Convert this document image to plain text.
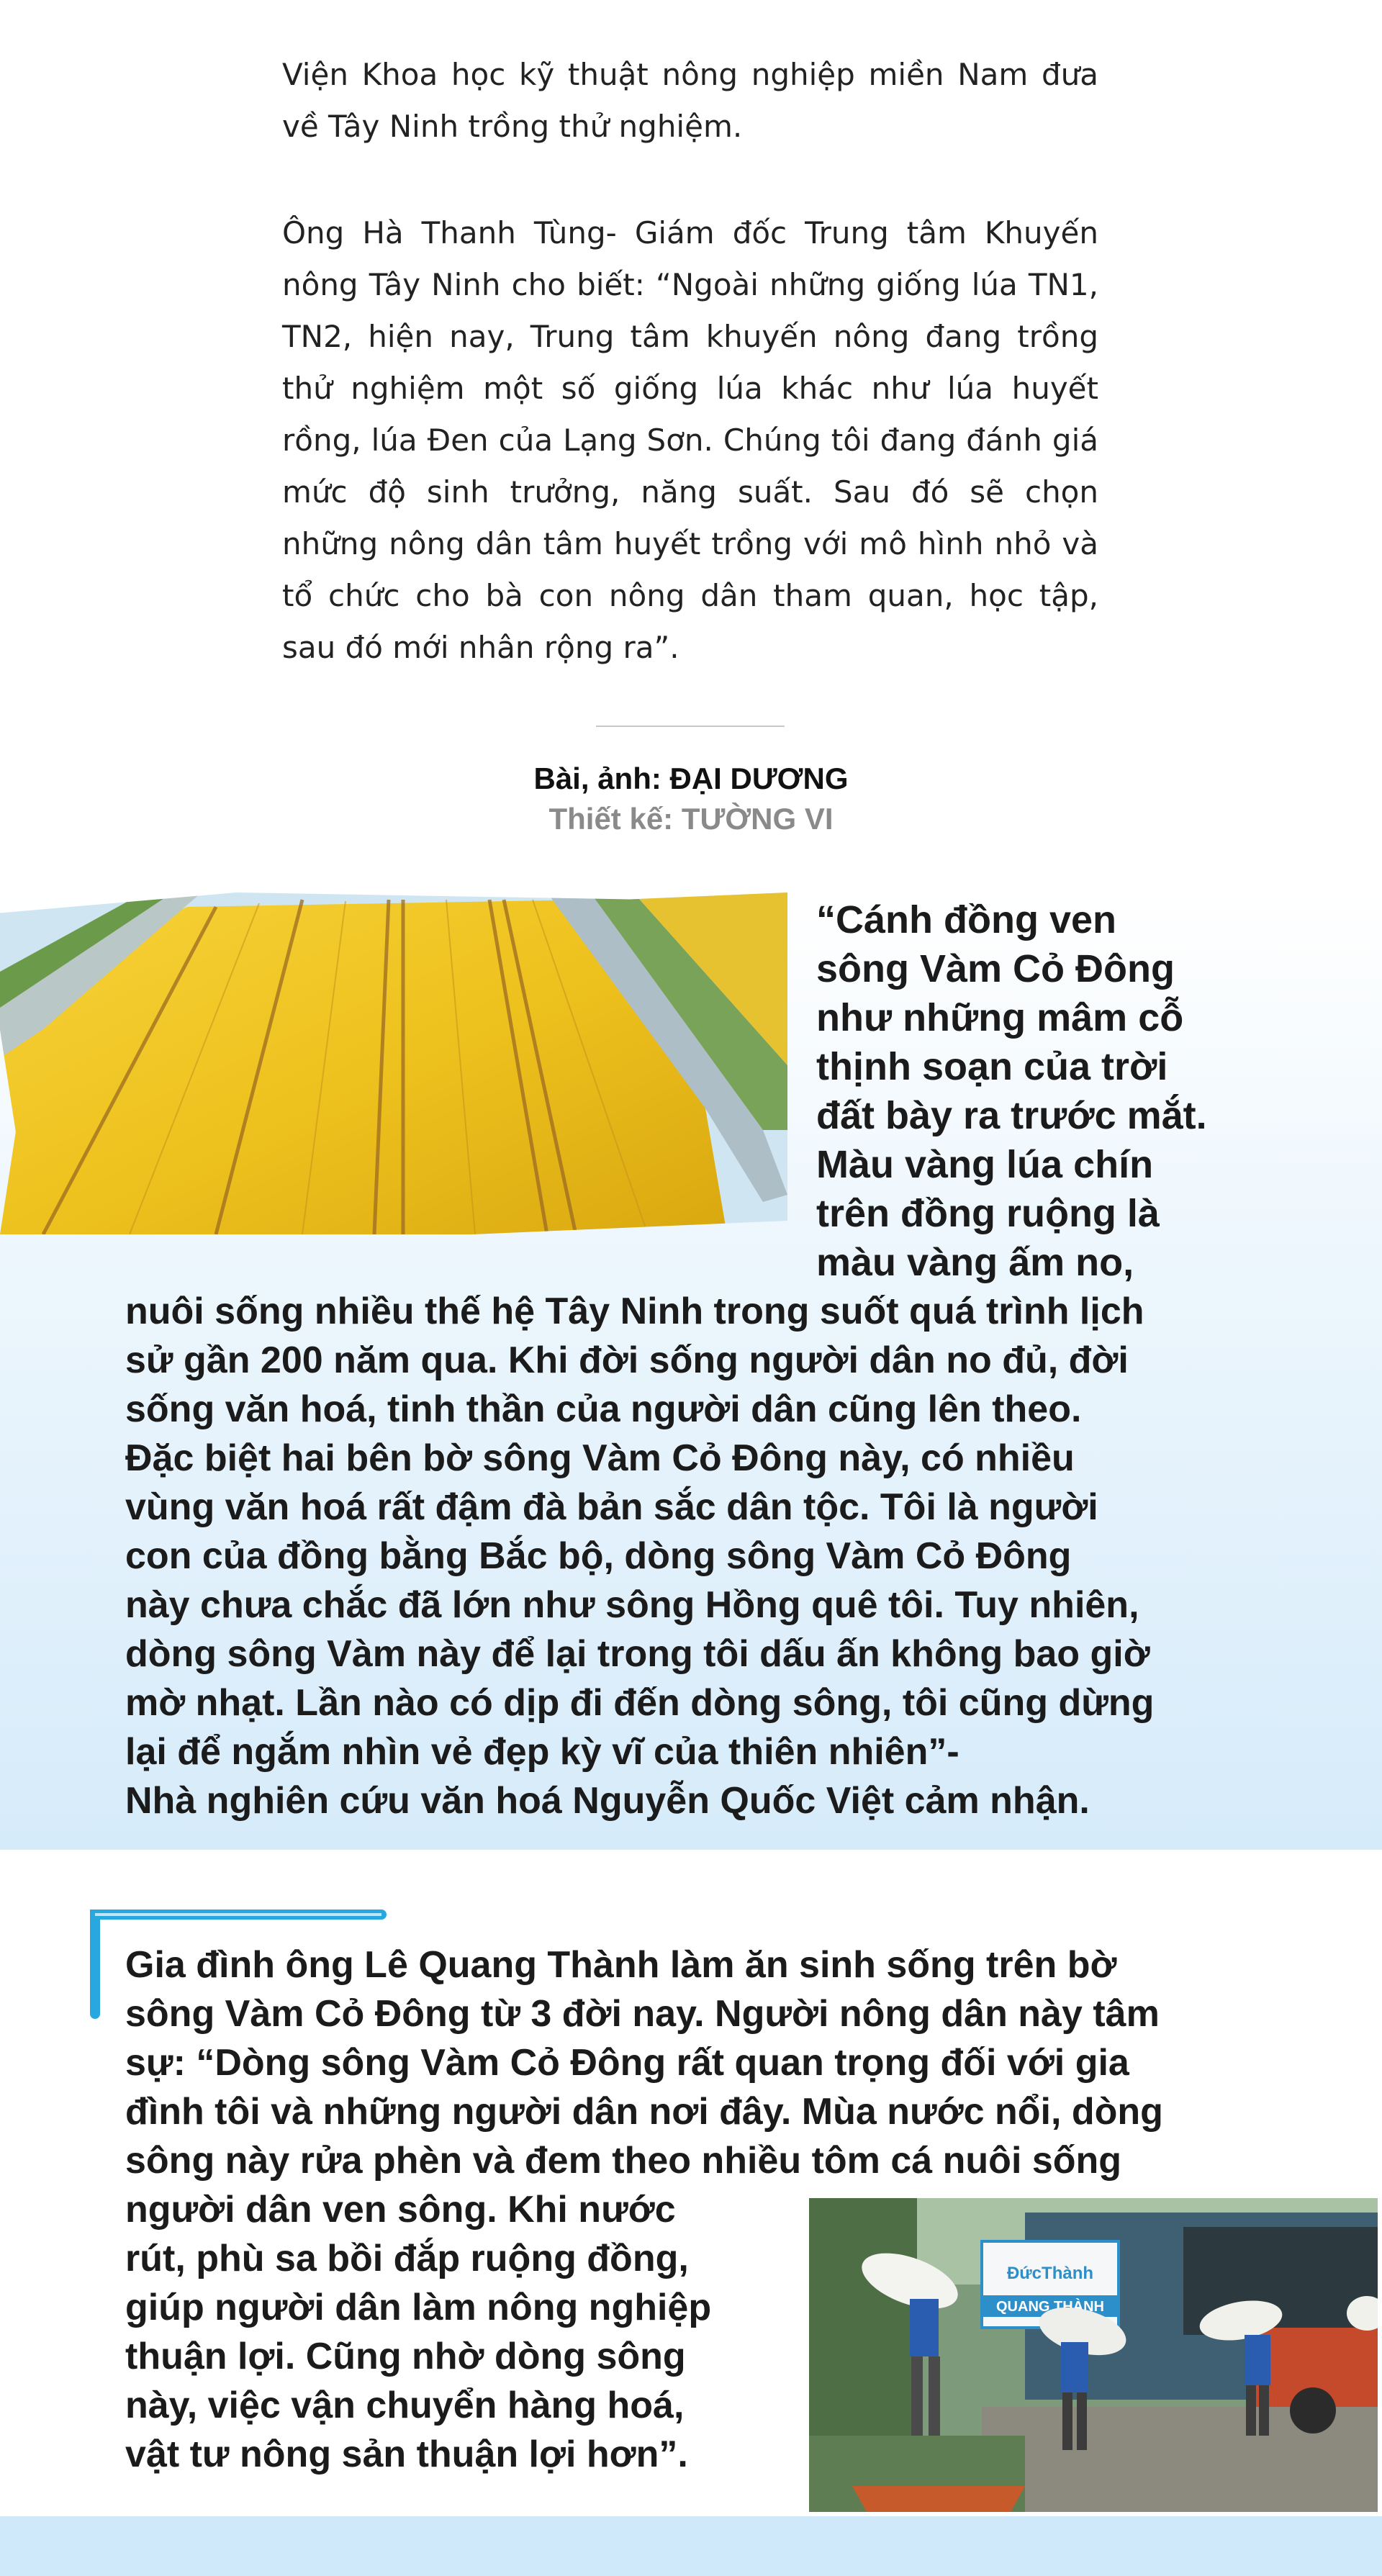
Viện Khoa học kỹ thuật nông nghiệp miền Nam đưa về Tây Ninh trồng thử nghiệm.

Ông Hà Thanh Tùng- Giám đốc Trung tâm Khuyến nông Tây Ninh cho biết: “Ngoài những giống lúa TN1, TN2, hiện nay, Trung tâm khuyến nông đang trồng thử nghiệm một số giống lúa khác như lúa huyết rồng, lúa Đen của Lạng Sơn. Chúng tôi đang đánh giá mức độ sinh trưởng, năng suất. Sau đó sẽ chọn những nông dân tâm huyết trồng với mô hình nhỏ và tổ chức cho bà con nông dân tham quan, học tập, sau đó mới nhân rộng ra”.

Bài, ảnh: ĐẠI DƯƠNG
Thiết kế: TƯỜNG VI
“Cánh đồng ven
sông Vàm Cỏ Đông
như những mâm cỗ
thịnh soạn của trời
đất bày ra trước mắt.
Màu vàng lúa chín
trên đồng ruộng là
màu vàng ấm no,
nuôi sống nhiều thế hệ Tây Ninh trong suốt quá trình lịch
sử gần 200 năm qua. Khi đời sống người dân no đủ, đời
sống văn hoá, tinh thần của người dân cũng lên theo.
Đặc biệt hai bên bờ sông Vàm Cỏ Đông này, có nhiều
vùng văn hoá rất đậm đà bản sắc dân tộc. Tôi là người
con của đồng bằng Bắc bộ, dòng sông Vàm Cỏ Đông
này chưa chắc đã lớn như sông Hồng quê tôi. Tuy nhiên,
dòng sông Vàm này để lại trong tôi dấu ấn không bao giờ
mờ nhạt. Lần nào có dịp đi đến dòng sông, tôi cũng dừng
lại để ngắm nhìn vẻ đẹp kỳ vĩ của thiên nhiên”-
Nhà nghiên cứu văn hoá Nguyễn Quốc Việt cảm nhận.
Gia đình ông Lê Quang Thành làm ăn sinh sống trên bờ
sông Vàm Cỏ Đông từ 3 đời nay. Người nông dân này tâm
sự: “Dòng sông Vàm Cỏ Đông rất quan trọng đối với gia
đình tôi và những người dân nơi đây. Mùa nước nổi, dòng
sông này rửa phèn và đem theo nhiều tôm cá nuôi sống
người dân ven sông. Khi nước
rút, phù sa bồi đắp ruộng đồng,
giúp người dân làm nông nghiệp
thuận lợi. Cũng nhờ dòng sông
này, việc vận chuyển hàng hoá,
vật tư nông sản thuận lợi hơn”.
ĐứcThành
QUANG THÀNH
